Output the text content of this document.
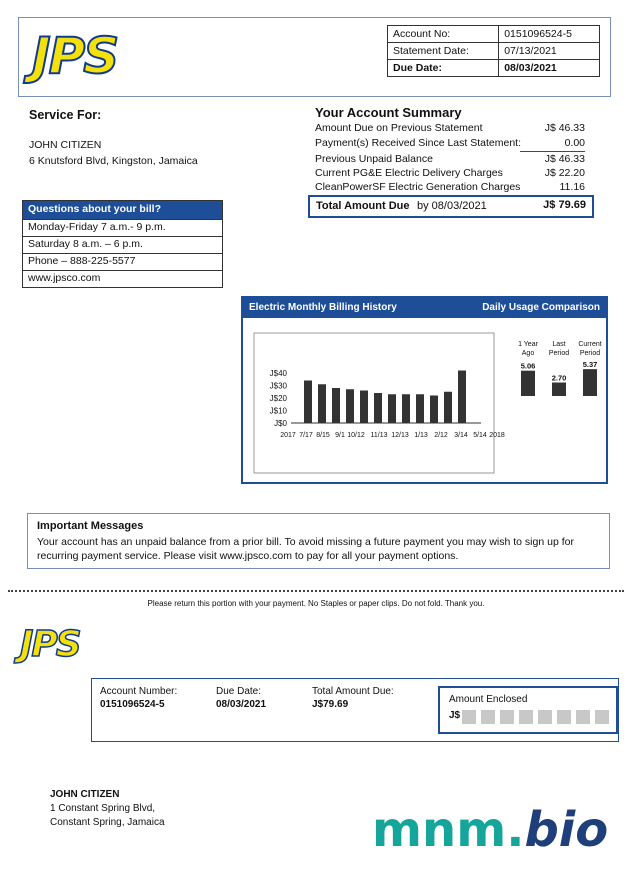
JPS	Account No:	0151096524-5
Statement Date:	07/13/2021
Due Date:	08/03/2021
Service For:
JOHN CITIZEN
6 Knutsford Blvd, Kingston, Jamaica
Your Account Summary
Amount Due on Previous Statement	J$ 46.33
Payment(s) Received Since Last Statement:	0.00
Previous Unpaid Balance	J$ 46.33
Current PG&E Electric Delivery Charges	J$ 22.20
CleanPowerSF Electric Generation Charges	11.16
Total Amount Due by 08/03/2021	J$ 79.69
Questions about your bill?
Monday-Friday 7 a.m.- 9 p.m.
Saturday 8 a.m. – 6 p.m.
Phone – 888-225-5577
www.jpsco.com
Electric Monthly Billing History	Daily Usage Comparison
J$40
J$30
J$20
J$10
J$0
2017 7/17 8/15 9/1 10/12 11/13 12/13 1/13 2/12 3/14 5/14 2018
1 Year
Ago
Last
Period
Current
Period
5.06
2.70
5.37
Important Messages
Your account has an unpaid balance from a prior bill. To avoid missing a future payment you may wish to sign up for
recurring payment service. Please visit www.jpsco.com to pay for all your payment options.
Please return this portion with your payment. No Staples or paper clips. Do not fold. Thank you.
JPS
Account Number:
0151096524-5
Due Date:
08/03/2021
Total Amount Due:
J$79.69	Amount Enclosed
J$
JOHN CITIZEN
1 Constant Spring Blvd,
Constant Spring, Jamaica	mnm.bio
